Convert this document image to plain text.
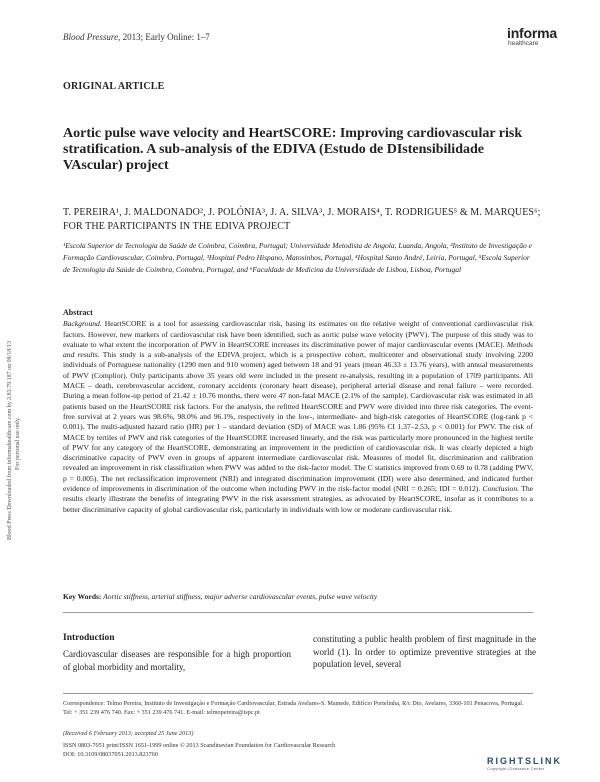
Blood Pressure, 2013; Early Online: 1–7	informa
healthcare
ORIGINAL ARTICLE
Aortic pulse wave velocity and HeartSCORE: Improving cardiovascular risk stratification. A sub-analysis of the EDIVA (Estudo de DIstensibilidade VAscular) project
T. PEREIRA¹, J. MALDONADO², J. POLÓNIA³, J. A. SILVA³, J. MORAIS⁴, T. RODRIGUES⁵ & M. MARQUES⁶; FOR THE PARTICIPANTS IN THE EDIVA PROJECT
¹Escola Superior de Tecnologia da Saúde de Coimbra, Coimbra, Portugal; Universidade Metodista de Angola, Luanda, Angola, ²Instituto de Investigação e Formação Cardiovascular, Coimbra, Portugal, ³Hospital Pedro Hispano, Matosinhos, Portugal, ⁴Hospital Santo André, Leiria, Portugal, ⁵Escola Superior de Tecnologia da Saúde de Coimbra, Coimbra, Portugal, and ⁶Faculdade de Medicina da Universidade de Lisboa, Lisboa, Portugal
Abstract
Background. HeartSCORE is a tool for assessing cardiovascular risk, basing its estimates on the relative weight of conventional cardiovascular risk factors. However, new markers of cardiovascular risk have been identified, such as aortic pulse wave velocity (PWV). The purpose of this study was to evaluate to what extent the incorporation of PWV in HeartSCORE increases its discriminative power of major cardiovascular events (MACE). Methods and results. This study is a sub-analysis of the EDIVA project, which is a prospective cohort, multicenter and observational study involving 2200 individuals of Portuguese nationality (1290 men and 910 women) aged between 18 and 91 years (mean 46.33 ± 13.76 years), with annual measurements of PWV (Complior). Only participants above 35 years old were included in the present re-analysis, resulting in a population of 1709 participants. All MACE – death, cerebrovascular accident, coronary accidents (coronary heart disease), peripheral arterial disease and renal failure – were recorded. During a mean follow-up period of 21.42 ± 10.76 months, there were 47 non-fatal MACE (2.1% of the sample). Cardiovascular risk was estimated in all patients based on the HeartSCORE risk factors. For the analysis, the refitted HeartSCORE and PWV were divided into three risk categories. The event-free survival at 2 years was 98.6%, 98.0% and 96.1%, respectively in the low-, intermediate- and high-risk categories of HeartSCORE (log-rank p < 0.001). The multi-adjusted hazard ratio (HR) per 1 – standard deviation (SD) of MACE was 1.86 (95% CI 1.37–2.53, p < 0.001) for PWV. The risk of MACE by tertiles of PWV and risk categories of the HeartSCORE increased linearly, and the risk was particularly more pronounced in the highest tertile of PWV for any category of the HeartSCORE, demonstrating an improvement in the prediction of cardiovascular risk. It was clearly depicted a high discriminative capacity of PWV even in groups of apparent intermediate cardiovascular risk. Measures of model fit, discrimination and calibration revealed an improvement in risk classification when PWV was added to the risk-factor model. The C statistics improved from 0.69 to 0.78 (adding PWV, p = 0.005). The net reclassification improvement (NRI) and integrated discrimination improvement (IDI) were also determined, and indicated further evidence of improvements in discrimination of the outcome when including PWV in the risk-factor model (NRI = 0.265; IDI = 0.012). Conclusion. The results clearly illustrate the benefits of integrating PWV in the risk assessment strategies, as advocated by HeartSCORE, insofar as it contributes to a better discriminative capacity of global cardiovascular risk, particularly in individuals with low or moderate cardiovascular risk.
Key Words: Aortic stiffness, arterial stiffness, major adverse cardiovascular events, pulse wave velocity
Introduction
Cardiovascular diseases are responsible for a high proportion of global morbidity and mortality,
constituting a public health problem of first magnitude in the world (1). In order to optimize preventive strategies at the population level, several
Correspondence: Telmo Pereira, Instituto de Investigação e Formação Cardiovascular, Estrada Avelares-S. Mamede, Edifício Portelinha, R/c Dto, Avelares, 3360-101 Penacova, Portugal. Tel: + 351 239 476 740. Fax: + 351 239 476 741. E-mail: telmopereira@ispc.pt
(Received 6 February 2013; accepted 25 June 2013)
ISSN 0803-7051 print/ISSN 1651-1999 online © 2013 Scandinavian Foundation for Cardiovascular Research
DOI: 10.3109/08037051.2013.823760
Blood Press Downloaded from informahealthcare.com by 2.83.79.187 on 08/18/13 For personal use only.
RIGHTSLINK
Copyright Clearance Center
